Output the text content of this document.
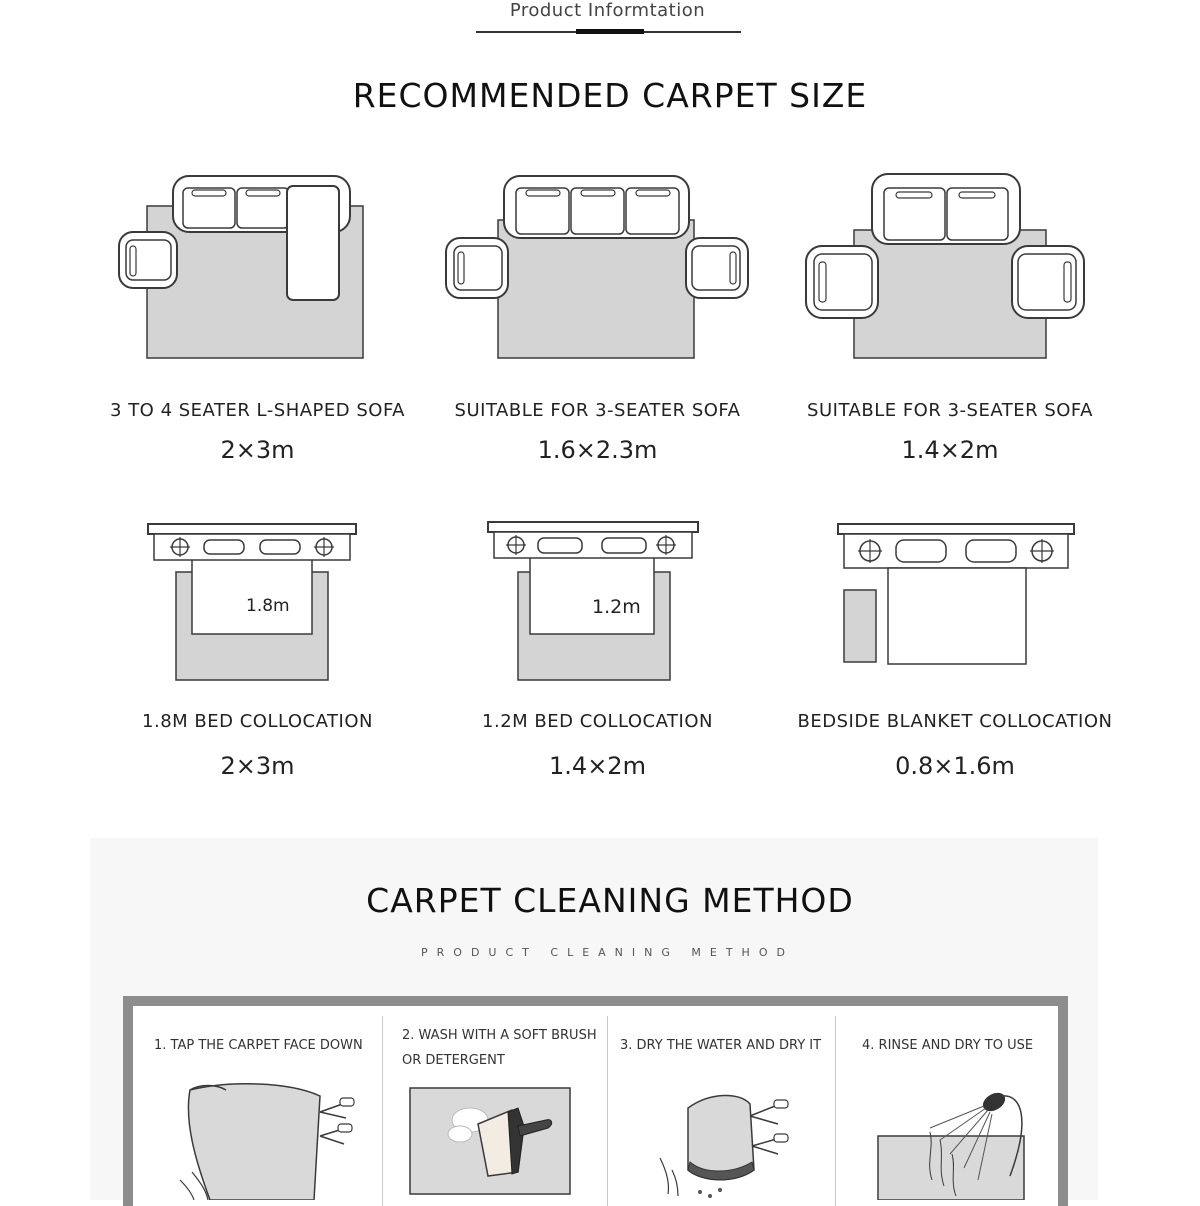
Product Informtation
RECOMMENDED CARPET SIZE
3 TO 4 SEATER L-SHAPED SOFA
2×3m
SUITABLE FOR 3-SEATER SOFA
1.6×2.3m
SUITABLE FOR 3-SEATER SOFA
1.4×2m
1.8m
1.8M BED COLLOCATION
2×3m
1.2m
1.2M BED COLLOCATION
1.4×2m
BEDSIDE BLANKET COLLOCATION
0.8×1.6m
CARPET CLEANING METHOD
PRODUCT CLEANING METHOD
1. TAP THE CARPET FACE DOWN
2. WASH WITH A SOFT BRUSH
OR DETERGENT
3. DRY THE WATER AND DRY IT	4. RINSE AND DRY TO USE
